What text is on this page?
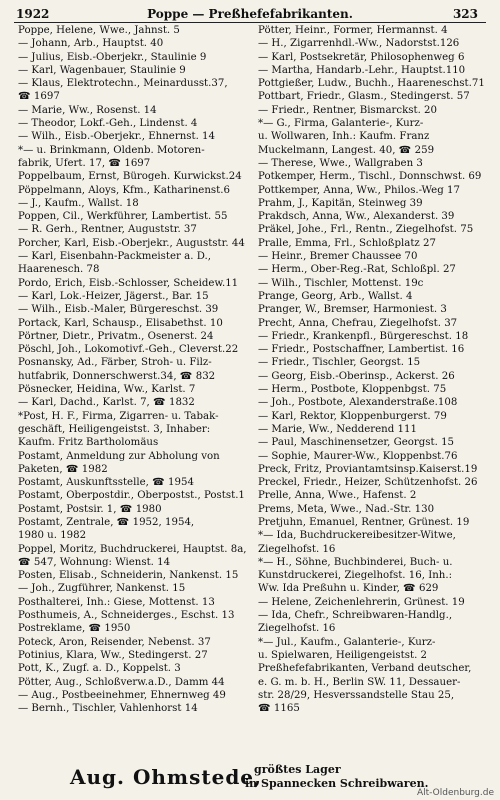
1922	Poppe — Preßhefefabrikanten.	323
Poppe, Helene, Wwe., Jahnst. 5
— Johann, Arb., Hauptst. 40
— Julius, Eisb.-Oberjekr., Staulinie 9
— Karl, Wagenbauer, Staulinie 9
— Klaus, Elektrotechn., Meinardusst.37,
☎ 1697
— Marie, Ww., Rosenst. 14
— Theodor, Lokf.-Geh., Lindenst. 4
— Wilh., Eisb.-Oberjekr., Ehnernst. 14
*— u. Brinkmann, Oldenb. Motoren-
fabrik, Ufert. 17, ☎ 1697
Poppelbaum, Ernst, Bürogeh. Kurwickst.24
Pöppelmann, Aloys, Kfm., Katharinenst.6
— J., Kaufm., Wallst. 18
Poppen, Cil., Werkführer, Lambertist. 55
— R. Gerh., Rentner, Auguststr. 37
Porcher, Karl, Eisb.-Oberjekr., Auguststr. 44
— Karl, Eisenbahn-Packmeister a. D.,
Haarenesch. 78
Pordo, Erich, Eisb.-Schlosser, Scheidew.11
— Karl, Lok.-Heizer, Jägerst., Bar. 15
— Wilh., Eisb.-Maler, Bürgereschst. 39
Portack, Karl, Schausp., Elisabethst. 10
Pörtner, Dietr., Privatm., Osenerst. 24
Pöschl, Joh., Lokomotivf.-Geh., Cleverst.22
Posnansky, Ad., Färber, Stroh- u. Filz-
hutfabrik, Donnerschwerst.34, ☎ 832
Pösnecker, Heidina, Ww., Karlst. 7
— Karl, Dachd., Karlst. 7, ☎ 1832
*Post, H. F., Firma, Zigarren- u. Tabak-
geschäft, Heiligengeistst. 3, Inhaber:
Kaufm. Fritz Bartholomäus
Postamt, Anmeldung zur Abholung von
Paketen, ☎ 1982
Postamt, Auskunftsstelle, ☎ 1954
Postamt, Oberpostdir., Oberpostst., Postst.1
Postamt, Postsir. 1, ☎ 1980
Postamt, Zentrale, ☎ 1952, 1954,
1980 u. 1982
Poppel, Moritz, Buchdruckerei, Hauptst. 8a,
☎ 547, Wohnung: Wienst. 14
Posten, Elisab., Schneiderin, Nankenst. 15
— Joh., Zugführer, Nankenst. 15
Posthalterei, Inh.: Giese, Mottenst. 13
Posthumeis, A., Schneiderges., Eschst. 13
Postreklame, ☎ 1950
Poteck, Aron, Reisender, Nebenst. 37
Potinius, Klara, Ww., Stedingerst. 27
Pott, K., Zugf. a. D., Koppelst. 3
Pötter, Aug., Schloßverw.a.D., Damm 44
— Aug., Postbeeinehmer, Ehnernweg 49
— Bernh., Tischler, Vahlenhorst 14
Pötter, Heinr., Former, Hermannst. 4
— H., Zigarrenhdl.-Ww., Nadorstst.126
— Karl, Postsekretär, Philosophenweg 6
— Martha, Handarb.-Lehr., Hauptst.110
Pottgießer, Ludw., Buchh., Haareneschst.71
Pottbart, Friedr., Glasm., Stedingerst. 57
— Friedr., Rentner, Bismarckst. 20
*— G., Firma, Galanterie-, Kurz-
u. Wollwaren, Inh.: Kaufm. Franz
Muckelmann, Langest. 40, ☎ 259
— Therese, Wwe., Wallgraben 3
Potkemper, Herm., Tischl., Donnschwst. 69
Pottkemper, Anna, Ww., Philos.-Weg 17
Prahm, J., Kapitän, Steinweg 39
Prakdsch, Anna, Ww., Alexanderst. 39
Präkel, Johe., Frl., Rentn., Ziegelhofst. 75
Pralle, Emma, Frl., Schloßplatz 27
— Heinr., Bremer Chaussee 70
— Herm., Ober-Reg.-Rat, Schloßpl. 27
— Wilh., Tischler, Mottenst. 19c
Prange, Georg, Arb., Wallst. 4
Pranger, W., Bremser, Harmoniest. 3
Precht, Anna, Chefrau, Ziegelhofst. 37
— Friedr., Krankenpfl., Bürgereschst. 18
— Friedr., Postschaffner, Lambertist. 16
— Friedr., Tischler, Georgst. 15
— Georg, Eisb.-Oberinsp., Ackerst. 26
— Herm., Postbote, Kloppenbgst. 75
— Joh., Postbote, Alexanderstraße.108
— Karl, Rektor, Kloppenburgerst. 79
— Marie, Ww., Nedderend 111
— Paul, Maschinensetzer, Georgst. 15
— Sophie, Maurer-Ww., Kloppenbst.76
Preck, Fritz, Proviantamtsinsp.Kaiserst.19
Preckel, Friedr., Heizer, Schützenhofst. 26
Prelle, Anna, Wwe., Hafenst. 2
Prems, Meta, Wwe., Nad.-Str. 130
Pretjuhn, Emanuel, Rentner, Grünest. 19
*— Ida, Buchdruckereibesitzer-Witwe,
Ziegelhofst. 16
*— H., Söhne, Buchbinderei, Buch- u.
Kunstdruckerei, Ziegelhofst. 16, Inh.:
Ww. Ida Preßuhn u. Kinder, ☎ 629
— Helene, Zeichenlehrerin, Grünest. 19
— Ida, Chefr., Schreibwaren-Handlg.,
Ziegelhofst. 16
*— Jul., Kaufm., Galanterie-, Kurz-
u. Spielwaren, Heiligengeistst. 2
Preßhefefabrikanten, Verband deutscher,
e. G. m. b. H., Berlin SW. 11, Dessauer-
str. 28/29, Hesverssandstelle Stau 25,
☎ 1165
Aug. Ohmstede,
größtes Lager
in Spannecken Schreibwaren.
Alt-Oldenburg.de
